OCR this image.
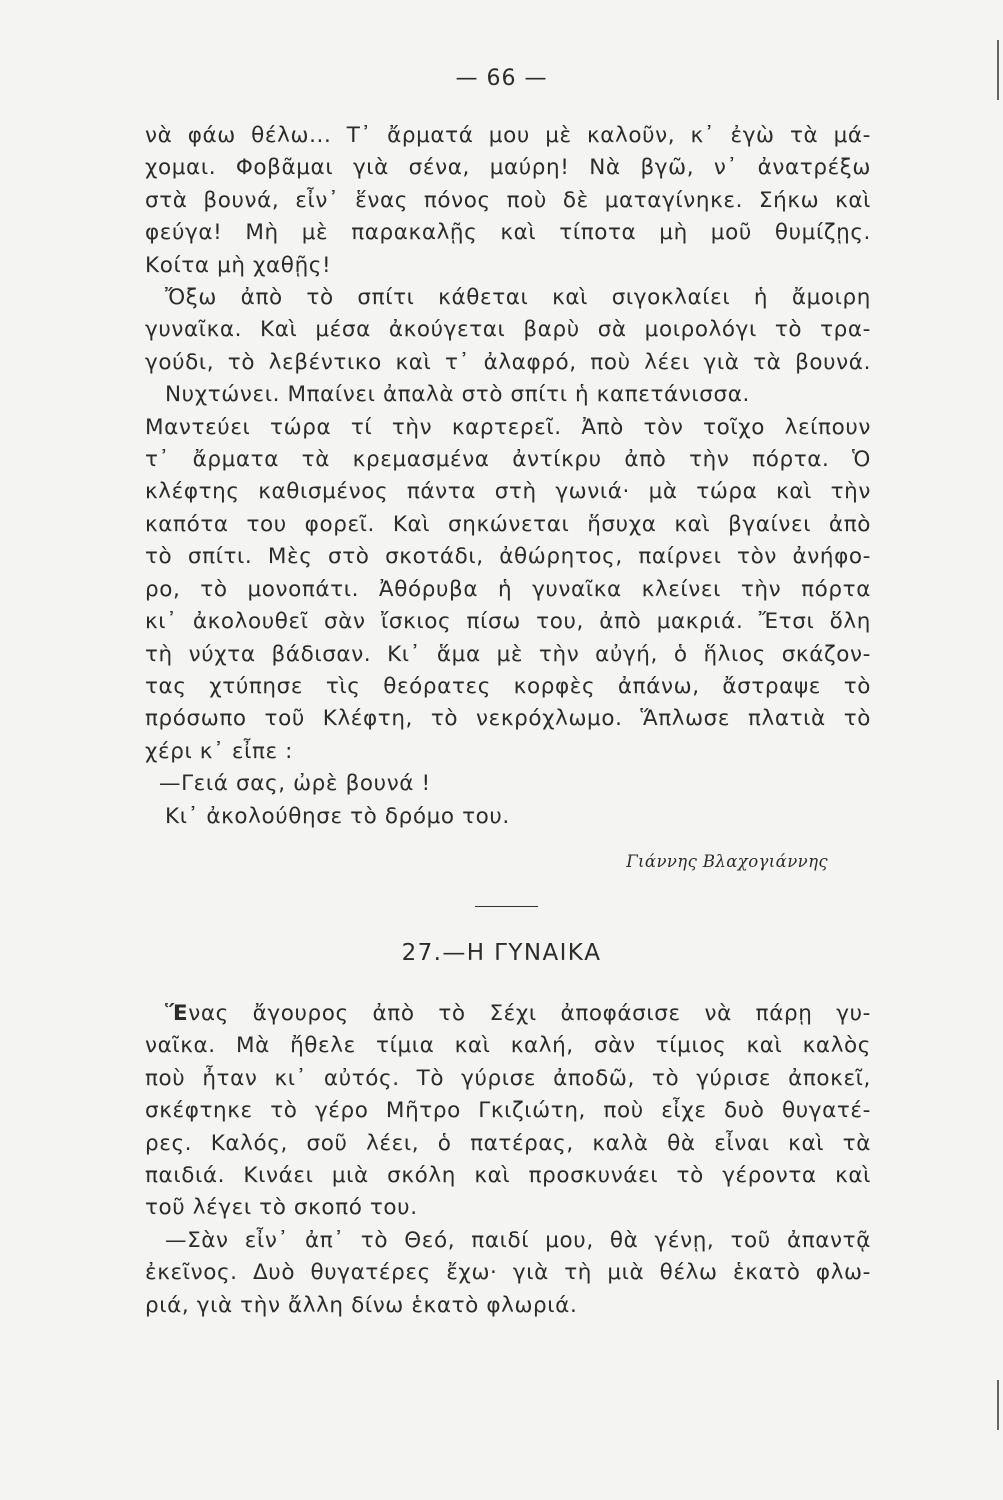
— 66 —
νὰ φάω θέλω... Τ᾿ ἄρματά μου μὲ καλοῦν, κ᾿ ἐγὼ τὰ μά-
χομαι. Φοβᾶμαι γιὰ σένα, μαύρη! Νὰ βγῶ, ν᾿ ἀνατρέξω
στὰ βουνά, εἶν᾿ ἕνας πόνος ποὺ δὲ ματαγίνηκε. Σήκω καὶ
φεύγα! Μὴ μὲ παρακαλῇς καὶ τίποτα μὴ μοῦ θυμίζῃς.
Κοίτα μὴ χαθῇς!
Ὄξω ἀπὸ τὸ σπίτι κάθεται καὶ σιγοκλαίει ἡ ἄμοιρη
γυναῖκα. Καὶ μέσα ἀκούγεται βαρὺ σὰ μοιρολόγι τὸ τρα-
γούδι, τὸ λεβέντικο καὶ τ᾿ ἀλαφρό, ποὺ λέει γιὰ τὰ βουνά.
Νυχτώνει. Μπαίνει ἀπαλὰ στὸ σπίτι ἡ καπετάνισσα.
Μαντεύει τώρα τί τὴν καρτερεῖ. Ἀπὸ τὸν τοῖχο λείπουν
τ᾿ ἄρματα τὰ κρεμασμένα ἀντίκρυ ἀπὸ τὴν πόρτα. Ὁ
κλέφτης καθισμένος πάντα στὴ γωνιά· μὰ τώρα καὶ τὴν
καπότα του φορεῖ. Καὶ σηκώνεται ἥσυχα καὶ βγαίνει ἀπὸ
τὸ σπίτι. Μὲς στὸ σκοτάδι, ἀθώρητος, παίρνει τὸν ἀνήφο-
ρο, τὸ μονοπάτι. Ἀθόρυβα ἡ γυναῖκα κλείνει τὴν πόρτα
κι᾿ ἀκολουθεῖ σὰν ἴσκιος πίσω του, ἀπὸ μακριά. Ἔτσι ὅλη
τὴ νύχτα βάδισαν. Κι᾿ ἅμα μὲ τὴν αὐγή, ὁ ἥλιος σκάζον-
τας χτύπησε τὶς θεόρατες κορφὲς ἀπάνω, ἄστραψε τὸ
πρόσωπο τοῦ Κλέφτη, τὸ νεκρόχλωμο. Ἅπλωσε πλατιὰ τὸ
χέρι κ᾿ εἶπε :
—Γειά σας, ὠρὲ βουνά !
Κι᾿ ἀκολούθησε τὸ δρόμο του.
Γιάννης Βλαχογιάννης
27.—Η ΓΥΝΑΙΚΑ
Ἕνας ἄγουρος ἀπὸ τὸ Σέχι ἀποφάσισε νὰ πάρῃ γυ-
ναῖκα. Μὰ ἤθελε τίμια καὶ καλή, σὰν τίμιος καὶ καλὸς
ποὺ ἦταν κι᾿ αὐτός. Τὸ γύρισε ἀποδῶ, τὸ γύρισε ἀποκεῖ,
σκέφτηκε τὸ γέρο Μῆτρο Γκιζιώτη, ποὺ εἶχε δυὸ θυγατέ-
ρες. Καλός, σοῦ λέει, ὁ πατέρας, καλὰ θὰ εἶναι καὶ τὰ
παιδιά. Κινάει μιὰ σκόλη καὶ προσκυνάει τὸ γέροντα καὶ
τοῦ λέγει τὸ σκοπό του.
—Σὰν εἶν᾿ ἀπ᾿ τὸ Θεό, παιδί μου, θὰ γένῃ, τοῦ ἀπαντᾷ
ἐκεῖνος. Δυὸ θυγατέρες ἔχω· γιὰ τὴ μιὰ θέλω ἑκατὸ φλω-
ριά, γιὰ τὴν ἄλλη δίνω ἑκατὸ φλωριά.
